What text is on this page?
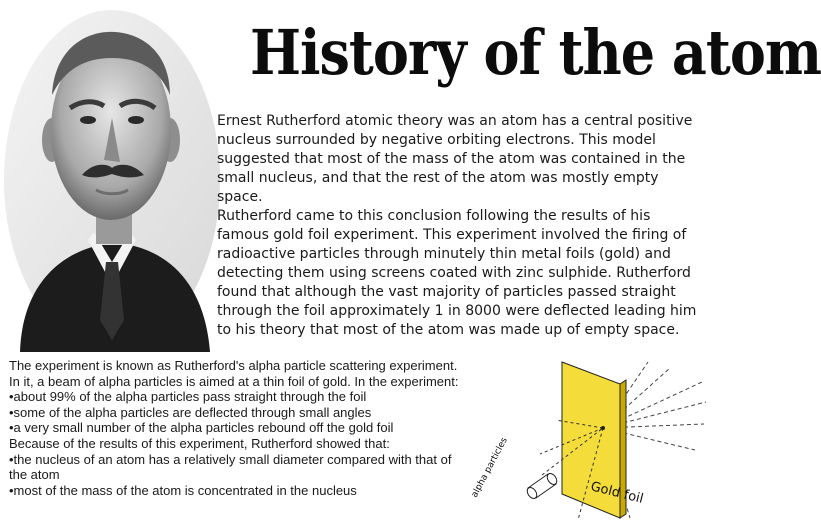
History of the atom
Ernest Rutherford atomic theory was an atom has a central positive
nucleus surrounded by negative orbiting electrons. This model
suggested that most of the mass of the atom was contained in the
small nucleus, and that the rest of the atom was mostly empty space.
Rutherford came to this conclusion following the results of his
famous gold foil experiment. This experiment involved the firing of
radioactive particles through minutely thin metal foils (gold) and
detecting them using screens coated with zinc sulphide. Rutherford
found that although the vast majority of particles passed straight
through the foil approximately 1 in 8000 were deflected leading him
to his theory that most of the atom was made up of empty space.

The experiment is known as Rutherford's alpha particle scattering experiment.

In it, a beam of alpha particles is aimed at a thin foil of gold. In the experiment:

•about 99% of the alpha particles pass straight through the foil

•some of the alpha particles are deflected through small angles

•a very small number of the alpha particles rebound off the gold foil

Because of the results of this experiment, Rutherford showed that:

•the nucleus of an atom has a relatively small diameter compared with that of

the atom

•most of the mass of the atom is concentrated in the nucleus	alpha particles	Gold foil
